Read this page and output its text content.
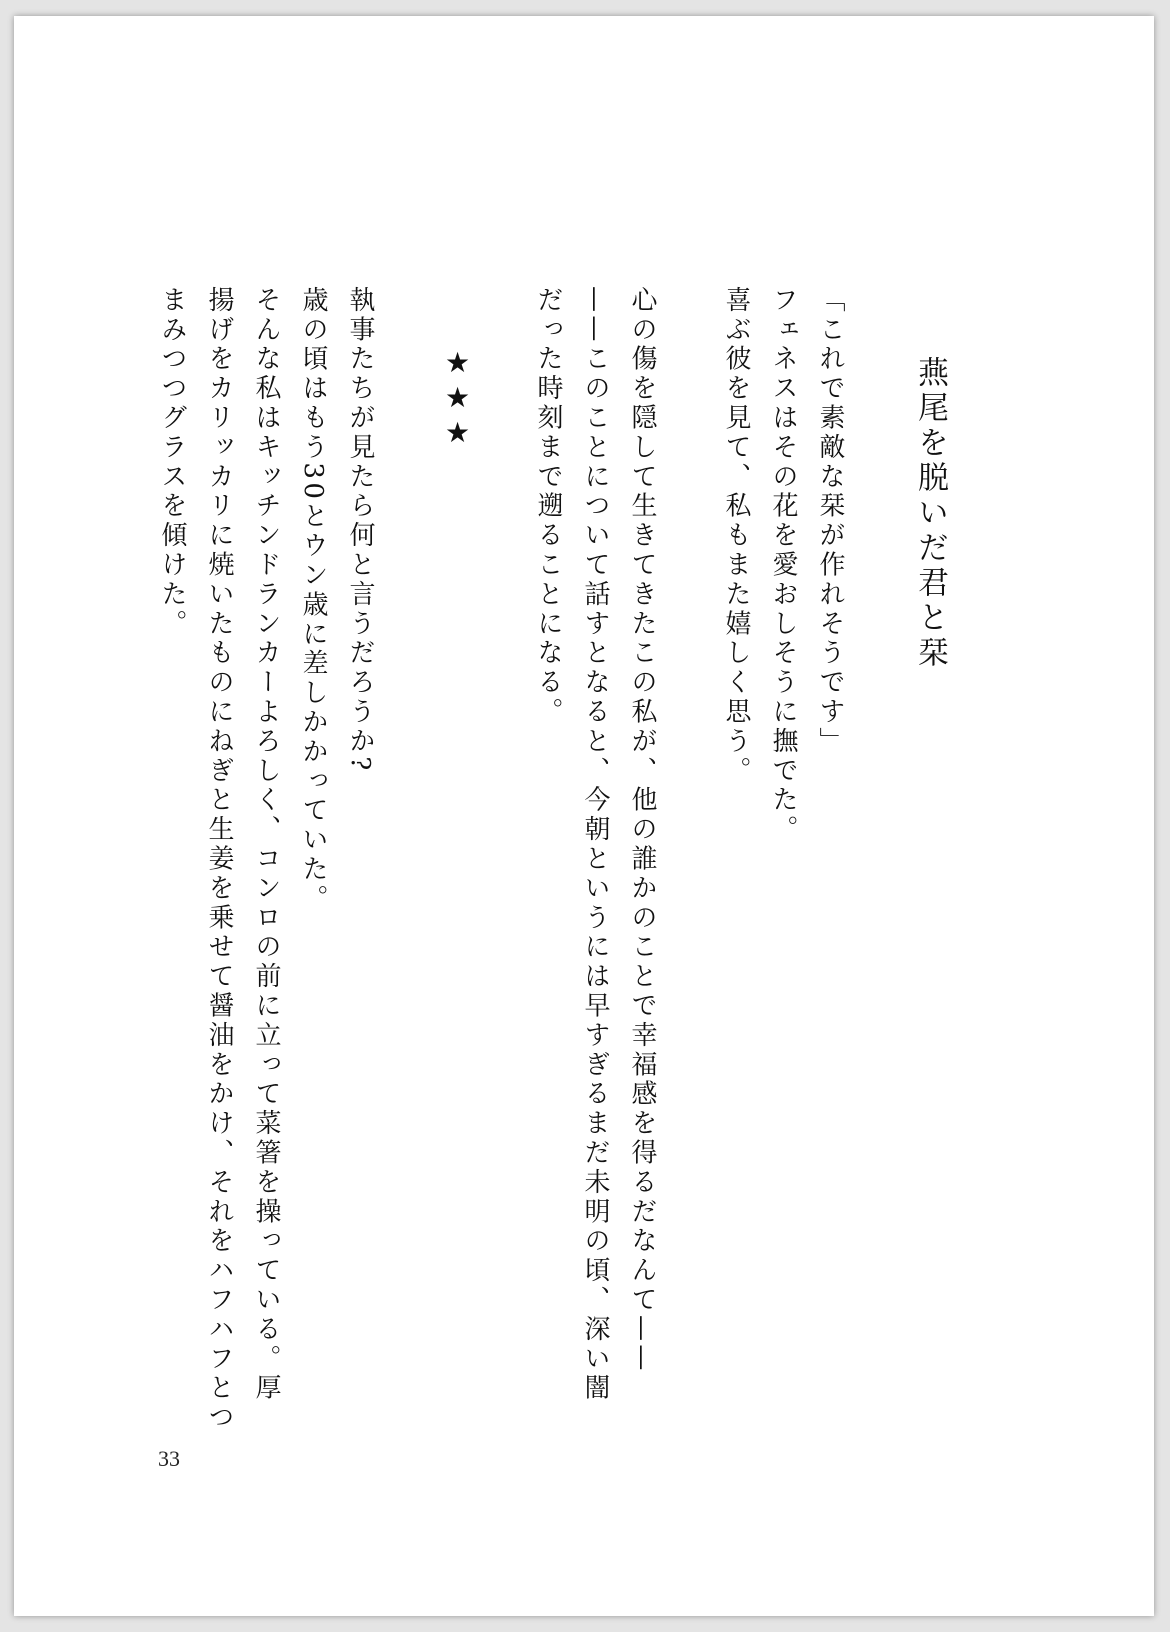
燕尾を脱いだ君と栞
「これで素敵な栞が作れそうです」
フェネスはその花を愛おしそうに撫でた。
喜ぶ彼を見て、私もまた嬉しく思う。
心の傷を隠して生きてきたこの私が、他の誰かのことで幸福感を得るだなんて——
——このことについて話すとなると、今朝というには早すぎるまだ未明の頃、深い闇
だった時刻まで遡ることになる。
★★★
執事たちが見たら何と言うだろうか?
歳の頃はもう30とウン歳に差しかかっていた。
そんな私はキッチンドランカーよろしく、コンロの前に立って菜箸を操っている。厚
揚げをカリッカリに焼いたものにねぎと生姜を乗せて醤油をかけ、それをハフハフとつ
まみつつグラスを傾けた。
33
